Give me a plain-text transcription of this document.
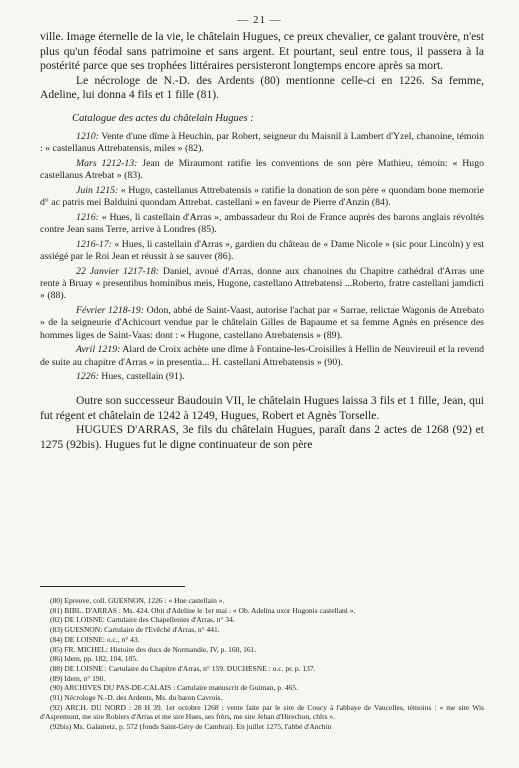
— 21 —

ville. Image éternelle de la vie, le châtelain Hugues, ce preux chevalier, ce galant trouvère, n'est plus qu'un féodal sans patrimoine et sans argent. Et pourtant, seul entre tous, il passera à la postérité parce que ses trophées littéraires persisteront longtemps encore après sa mort.

Le nécrologe de N.-D. des Ardents (80) mentionne celle-ci en 1226. Sa femme, Adeline, lui donna 4 fils et 1 fille (81).

Catalogue des actes du châtelain Hugues :

1210: Vente d'une dîme à Heuchin, par Robert, seigneur du Maisnil à Lambert d'Yzel, chanoine, témoin : « castellanus Attrebatensis, miles » (82).

Mars 1212-13: Jean de Miraumont ratifie les conventions de son père Mathieu, témoin: « Hugo castellanus Atrebat » (83).

Juin 1215: « Hugo, castellanus Attrebatensis » ratifie la donation de son père « quondam bone memorie d° ac patris mei Balduini quondam Attrebat. castellani » en faveur de Pierre d'Anzin (84).

1216: « Hues, li castellain d'Arras », ambassadeur du Roi de France auprès des barons anglais révoltés contre Jean sans Terre, arrive à Londres (85).

1216-17: « Hues, li castellain d'Arras », gardien du château de « Dame Nicole » (sic pour Lincoln) y est assiégé par le Roi Jean et réussit à se sauver (86).

22 Janvier 1217-18: Daniel, avoué d'Arras, donne aux chanoines du Chapitre cathédral d'Arras une rente à Bruay « presentibus hominibus meis, Hugone, castellano Attrebatensi ...Roberto, fratre castellani jamdicti » (88).

Février 1218-19: Odon, abbé de Saint-Vaast, autorise l'achat par « Sarrae, relictae Wagonis de Atrebato » de la seigneurie d'Achicourt vendue par le châtelain Gilles de Bapaume et sa femme Agnès en présence des hommes liges de Saint-Vaas: dont : « Hugone, castellano Atrebatensis » (89).

Avril 1219: Alard de Croix achète une dîme à Fontaine-les-Croisilles à Hellin de Neuvireuil et la revend de suite au chapitre d'Arras « in presentia... H. castellani Attrebatensis » (90).

1226: Hues, castellain (91).

Outre son successeur Baudouin VII, le châtelain Hugues laissa 3 fils et 1 fille, Jean, qui fut régent et châtelain de 1242 à 1249, Hugues, Robert et Agnès Torselle.

HUGUES D'ARRAS, 3e fils du châtelain Hugues, paraît dans 2 actes de 1268 (92) et 1275 (92bis). Hugues fut le digne continuateur de son père

(80) Epreuve, coll. GUESNON, 1226 : « Hue castellain ».

(81) BIBL. D'ARRAS : Ms. 424. Obit d'Adeline le 1er mai : « Ob. Adelina uxor Hugonis castellani ».

(82) DE LOISNE: Cartulaire des Chapellenies d'Arras, n° 34.

(83) GUESNON: Cartulaire de l'Evêché d'Arras, n° 441.

(84) DE LOISNE: o.c., n° 43.

(85) FR. MICHEL: Histoire des ducs de Normandie, IV, p. 160, 161.

(86) Idem, pp. 182, 104, 105.

(88) DE LOISNE : Cartulaire du Chapitre d'Arras, n° 159. DUCHESNE : o.c. pr. p. 137.

(89) Idem, n° 190.

(90) ARCHIVES DU PAS-DE-CALAIS : Cartulaire manuscrit de Guiman, p. 465.

(91) Nécrologe N.-D. des Ardents, Ms. du baron Cavrois.

(92) ARCH. DU NORD : 28 H 39. 1er octobre 1268 : vente faite par le sire de Coucy à l'abbaye de Vaucelles, témoins : « me sire Wis d'Aspremont, me sire Robiers d'Arras et me sire Hues, ses frèrs, me sire Jehan d'Hirechon, chlrs ».

(92bis) Ms. Galametz, p. 572 (fonds Saint-Géry de Cambrai). En juillet 1275, l'abbé d'Anchin
